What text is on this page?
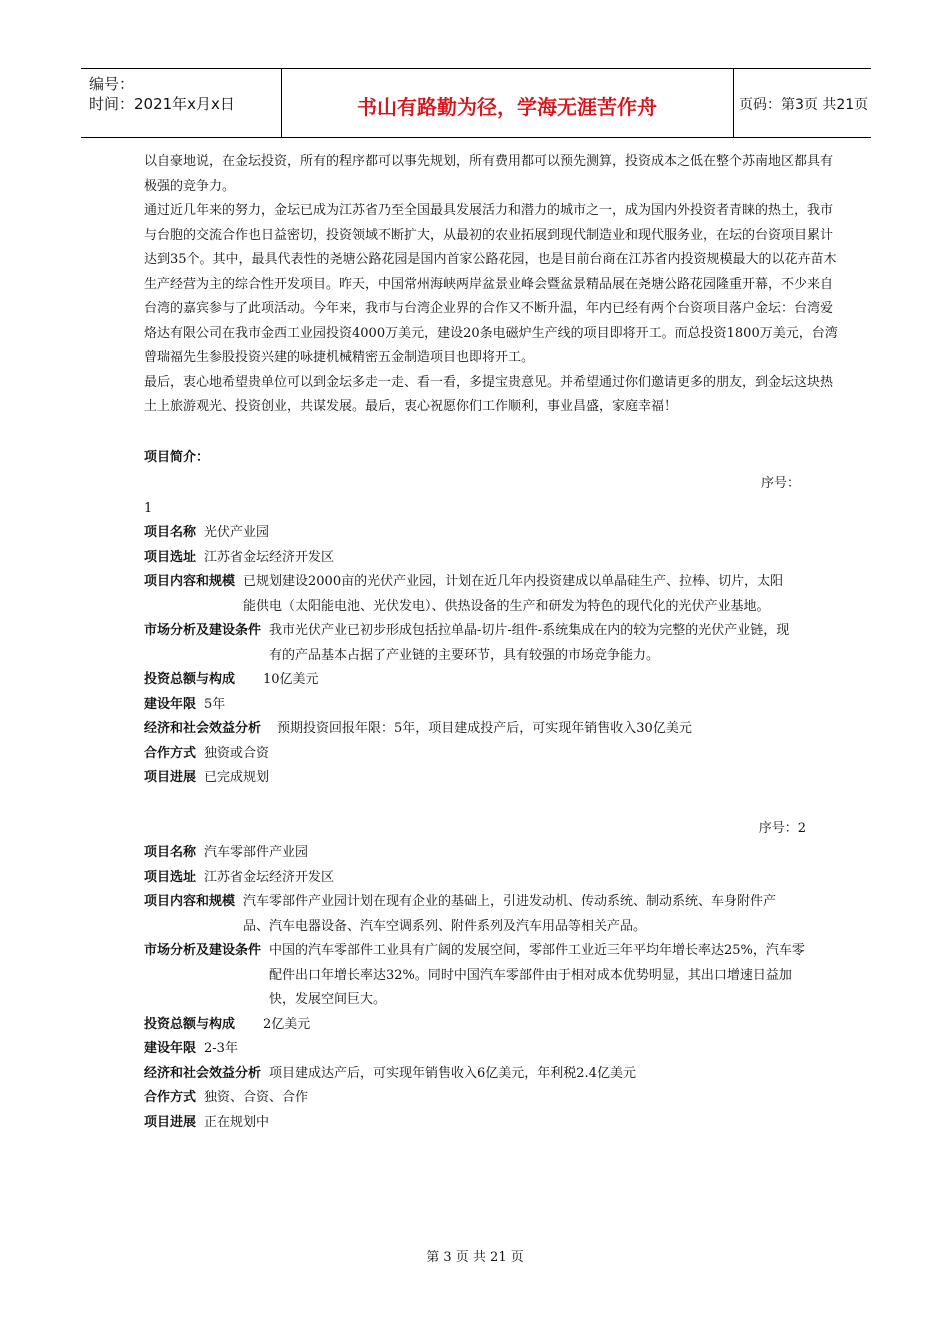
编号：
时间：2021年x月x日	书山有路勤为径，学海无涯苦作舟	页码：第3页 共21页

以自豪地说，在金坛投资，所有的程序都可以事先规划，所有费用都可以预先测算，投资成本之低在整个苏南地区都具有极强的竞争力。

通过近几年来的努力，金坛已成为江苏省乃至全国最具发展活力和潜力的城市之一，成为国内外投资者青睐的热土，我市与台胞的交流合作也日益密切，投资领域不断扩大，从最初的农业拓展到现代制造业和现代服务业，在坛的台资项目累计达到35个。其中，最具代表性的尧塘公路花园是国内首家公路花园，也是目前台商在江苏省内投资规模最大的以花卉苗木生产经营为主的综合性开发项目。昨天，中国常州海峡两岸盆景业峰会暨盆景精品展在尧塘公路花园隆重开幕，不少来自台湾的嘉宾参与了此项活动。今年来，我市与台湾企业界的合作又不断升温，年内已经有两个台资项目落户金坛：台湾爱烙达有限公司在我市金西工业园投资4000万美元，建设20条电磁炉生产线的项目即将开工。而总投资1800万美元，台湾曾瑞福先生参股投资兴建的咏捷机械精密五金制造项目也即将开工。

最后，衷心地希望贵单位可以到金坛多走一走、看一看，多提宝贵意见。并希望通过你们邀请更多的朋友，到金坛这块热土上旅游观光、投资创业，共谋发展。最后，衷心祝愿你们工作顺利，事业昌盛，家庭幸福！

项目简介：
序号：
1
项目名称 光伏产业园
项目选址 江苏省金坛经济开发区
项目内容和规模 已规划建设2000亩的光伏产业园，计划在近几年内投资建成以单晶硅生产、拉棒、切片，太阳能供电（太阳能电池、光伏发电）、供热设备的生产和研发为特色的现代化的光伏产业基地。
市场分析及建设条件 我市光伏产业已初步形成包括拉单晶-切片-组件-系统集成在内的较为完整的光伏产业链，现有的产品基本占据了产业链的主要环节，具有较强的市场竞争能力。
投资总额与构成	10亿美元
建设年限 5年
经济和社会效益分析	预期投资回报年限：5年，项目建成投产后，可实现年销售收入30亿美元
合作方式 独资或合资
项目进展 已完成规划
序号：2
项目名称 汽车零部件产业园
项目选址 江苏省金坛经济开发区
项目内容和规模 汽车零部件产业园计划在现有企业的基础上，引进发动机、传动系统、制动系统、车身附件产品、汽车电器设备、汽车空调系列、附件系列及汽车用品等相关产品。
市场分析及建设条件 中国的汽车零部件工业具有广阔的发展空间，零部件工业近三年平均年增长率达25%，汽车零配件出口年增长率达32%。同时中国汽车零部件由于相对成本优势明显，其出口增速日益加快，发展空间巨大。
投资总额与构成	2亿美元
建设年限 2-3年
经济和社会效益分析 项目建成达产后，可实现年销售收入6亿美元，年利税2.4亿美元
合作方式 独资、合资、合作
项目进展 正在规划中
第 3 页 共 21 页
